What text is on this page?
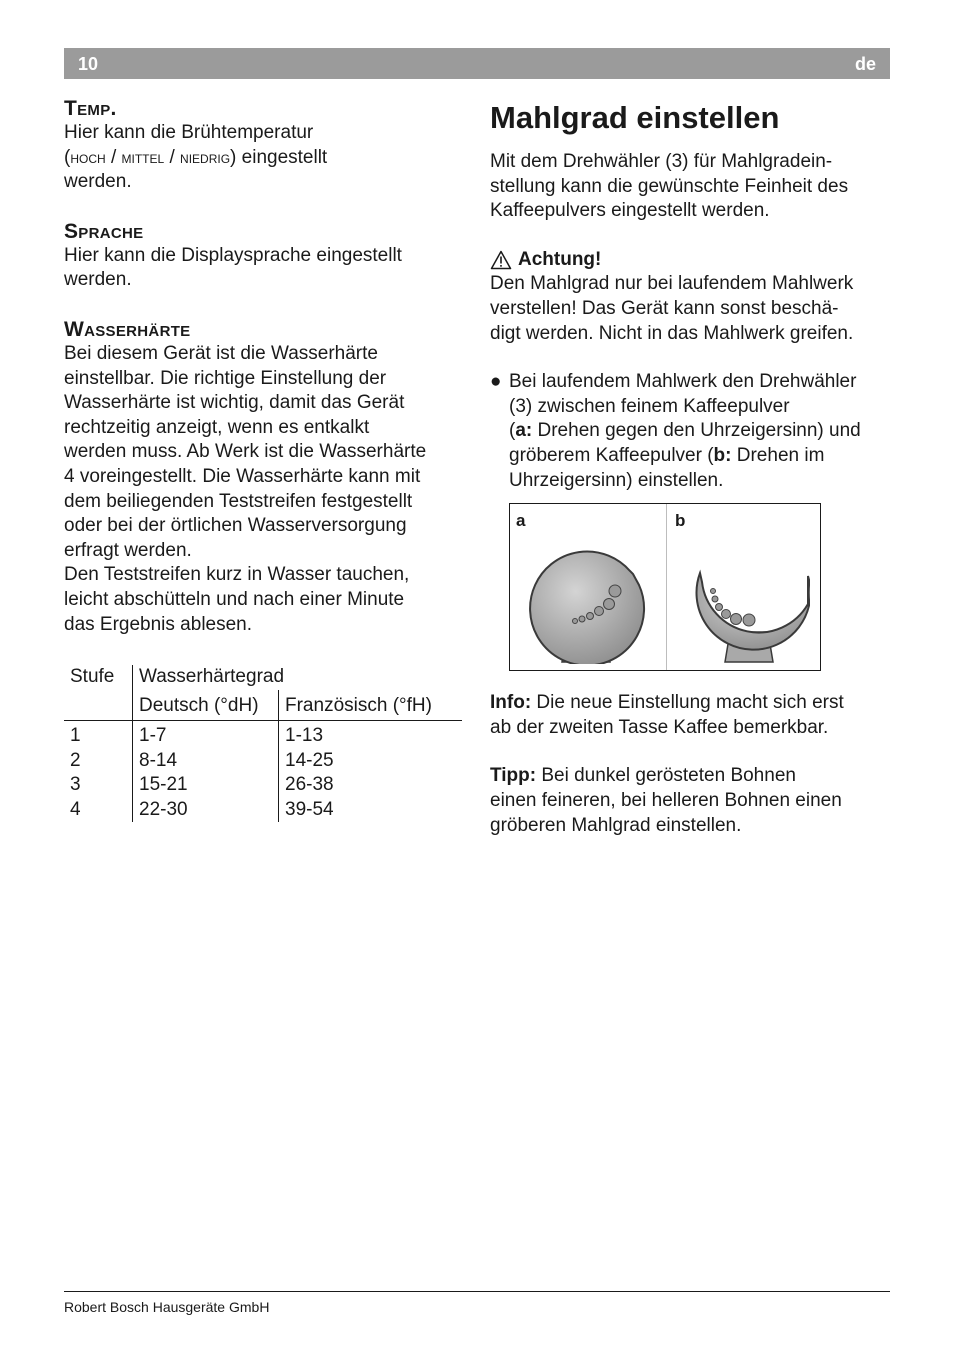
10	de
Temp.
Hier kann die Brühtemperatur
(hoch / mittel / niedrig) eingestellt
werden.
Sprache
Hier kann die Displaysprache eingestellt
werden.
Wasserhärte
Bei diesem Gerät ist die Wasserhärte
einstellbar. Die richtige Einstellung der
Wasserhärte ist wichtig, damit das Gerät
rechtzeitig anzeigt, wenn es entkalkt
werden muss. Ab Werk ist die Wasserhärte
4 voreingestellt. Die Wasserhärte kann mit
dem beiliegenden Teststreifen festgestellt
oder bei der örtlichen Wasserversorgung
erfragt werden.
Den Teststreifen kurz in Wasser tauchen,
leicht abschütteln und nach einer Minute
das Ergebnis ablesen.
Stufe	Wasserhärtegrad	
	Deutsch (°dH)	Französisch (°fH)
1	1-7	1-13
2	8-14	14-25
3	15-21	26-38
4	22-30	39-54
Mahlgrad einstellen
Mit dem Drehwähler (3) für Mahlgradein-
stellung kann die gewünschte Feinheit des
Kaffeepulvers eingestellt werden.
Achtung!
Den Mahlgrad nur bei laufendem Mahlwerk
verstellen! Das Gerät kann sonst beschä-
digt werden. Nicht in das Mahlwerk greifen.
● Bei laufendem Mahlwerk den Drehwähler
(3) zwischen feinem Kaffeepulver
(a: Drehen gegen den Uhrzeigersinn) und
gröberem Kaffeepulver (b: Drehen im
Uhrzeigersinn) einstellen.
a	b
Info: Die neue Einstellung macht sich erst
ab der zweiten Tasse Kaffee bemerkbar.
Tipp: Bei dunkel gerösteten Bohnen
einen feineren, bei helleren Bohnen einen
gröberen Mahlgrad einstellen.
Robert Bosch Hausgeräte GmbH
